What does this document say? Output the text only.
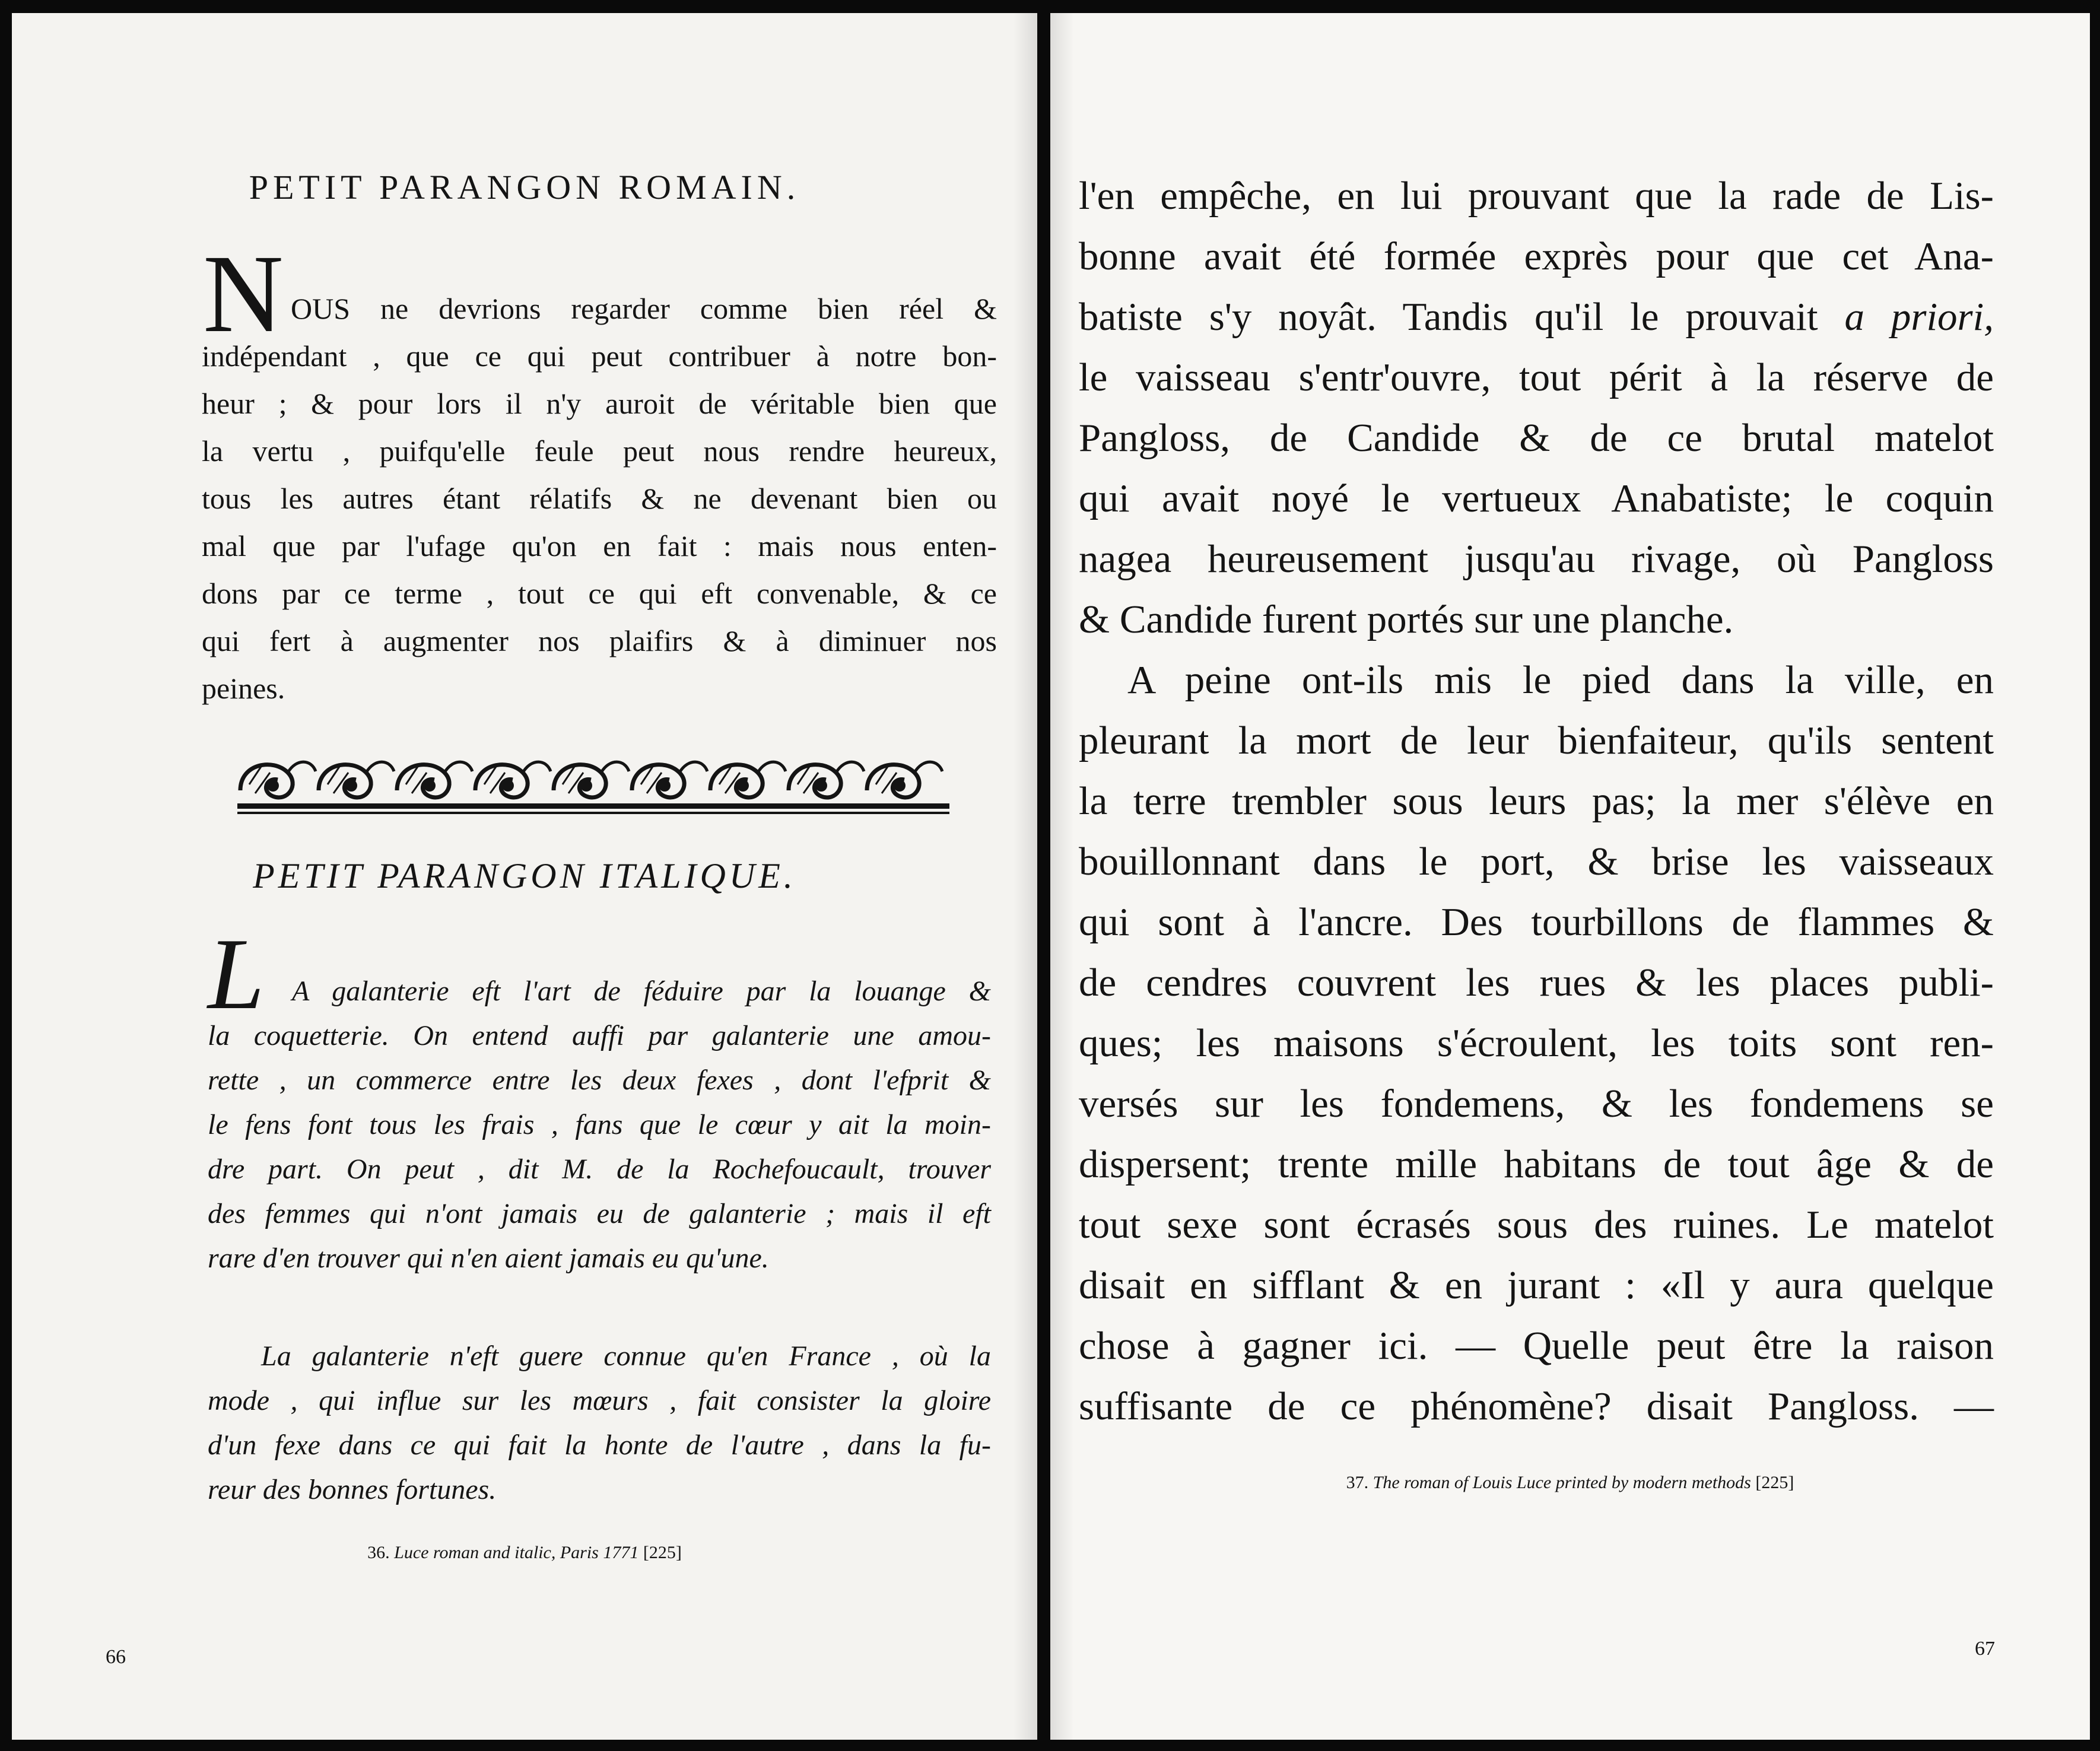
PETIT PARANGON ROMAIN.
N OUS ne devrions regarder comme bien réel &
indépendant , que ce qui peut contribuer à notre bon-
heur ; & pour lors il n'y auroit de véritable bien que
la vertu , puifqu'elle feule peut nous rendre heureux,
tous les autres étant rélatifs & ne devenant bien ou
mal que par l'ufage qu'on en fait : mais nous enten-
dons par ce terme , tout ce qui eft convenable, & ce
qui fert à augmenter nos plaifirs & à diminuer nos
peines.
PETIT PARANGON ITALIQUE.
L A galanterie eft l'art de féduire par la louange &
la coquetterie. On entend auffi par galanterie une amou-
rette , un commerce entre les deux fexes , dont l'efprit &
le fens font tous les frais , fans que le cœur y ait la moin-
dre part. On peut , dit M. de la Rochefoucault, trouver
des femmes qui n'ont jamais eu de galanterie ; mais il eft
rare d'en trouver qui n'en aient jamais eu qu'une.
La galanterie n'eft guere connue qu'en France , où la
mode , qui influe sur les mœurs , fait consister la gloire
d'un fexe dans ce qui fait la honte de l'autre , dans la fu-
reur des bonnes fortunes.
36. Luce roman and italic, Paris 1771 [225]
66
l'en empêche, en lui prouvant que la rade de Lis-
bonne avait été formée exprès pour que cet Ana-
batiste s'y noyât. Tandis qu'il le prouvait a priori,
le vaisseau s'entr'ouvre, tout périt à la réserve de
Pangloss, de Candide & de ce brutal matelot
qui avait noyé le vertueux Anabatiste; le coquin
nagea heureusement jusqu'au rivage, où Pangloss
& Candide furent portés sur une planche.
A peine ont-ils mis le pied dans la ville, en
pleurant la mort de leur bienfaiteur, qu'ils sentent
la terre trembler sous leurs pas; la mer s'élève en
bouillonnant dans le port, & brise les vaisseaux
qui sont à l'ancre. Des tourbillons de flammes &
de cendres couvrent les rues & les places publi-
ques; les maisons s'écroulent, les toits sont ren-
versés sur les fondemens, & les fondemens se
dispersent; trente mille habitans de tout âge & de
tout sexe sont écrasés sous des ruines. Le matelot
disait en sifflant & en jurant : «Il y aura quelque
chose à gagner ici. — Quelle peut être la raison
suffisante de ce phénomène? disait Pangloss. —
37. The roman of Louis Luce printed by modern methods [225]
67
